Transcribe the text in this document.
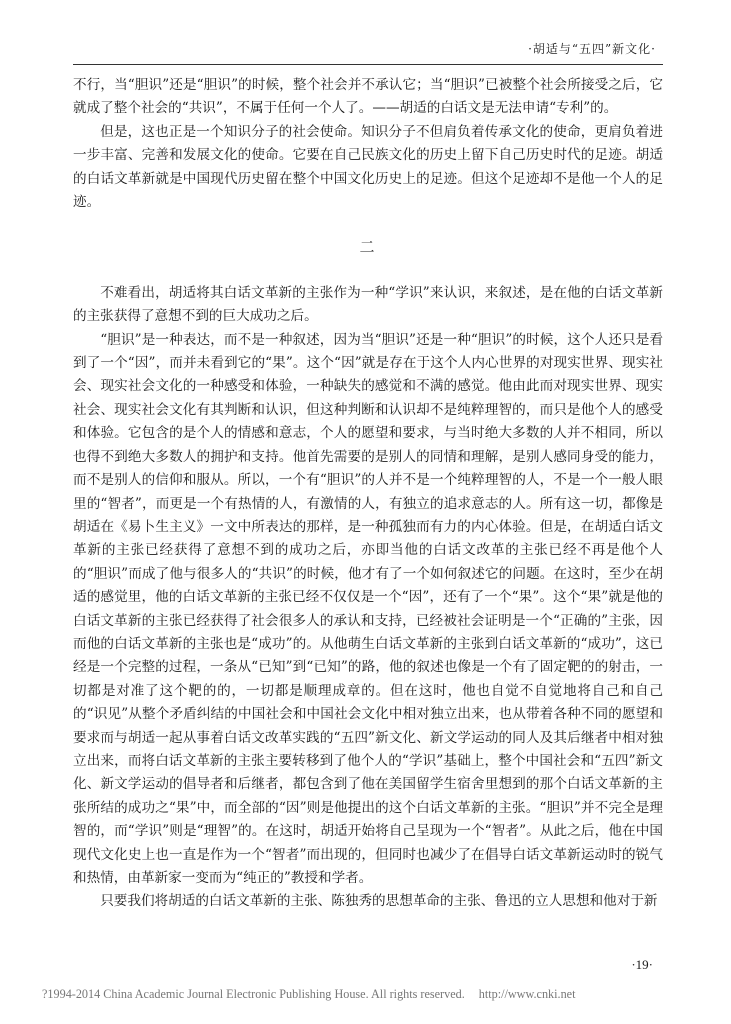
·胡适与“五四”新文化·

不行，当“胆识”还是“胆识”的时候，整个社会并不承认它；当“胆识”已被整个社会所接受之后，它就成了整个社会的“共识”，不属于任何一个人了。——胡适的白话文是无法申请“专利”的。

但是，这也正是一个知识分子的社会使命。知识分子不但肩负着传承文化的使命，更肩负着进一步丰富、完善和发展文化的使命。它要在自己民族文化的历史上留下自己历史时代的足迹。胡适的白话文革新就是中国现代历史留在整个中国文化历史上的足迹。但这个足迹却不是他一个人的足迹。

二

不难看出，胡适将其白话文革新的主张作为一种“学识”来认识，来叙述，是在他的白话文革新的主张获得了意想不到的巨大成功之后。

“胆识”是一种表达，而不是一种叙述，因为当“胆识”还是一种“胆识”的时候，这个人还只是看到了一个“因”，而并未看到它的“果”。这个“因”就是存在于这个人内心世界的对现实世界、现实社会、现实社会文化的一种感受和体验，一种缺失的感觉和不满的感觉。他由此而对现实世界、现实社会、现实社会文化有其判断和认识，但这种判断和认识却不是纯粹理智的，而只是他个人的感受和体验。它包含的是个人的情感和意志，个人的愿望和要求，与当时绝大多数的人并不相同，所以也得不到绝大多数人的拥护和支持。他首先需要的是别人的同情和理解，是别人感同身受的能力，而不是别人的信仰和服从。所以，一个有“胆识”的人并不是一个纯粹理智的人，不是一个一般人眼里的“智者”，而更是一个有热情的人，有激情的人，有独立的追求意志的人。所有这一切，都像是胡适在《易卜生主义》一文中所表达的那样，是一种孤独而有力的内心体验。但是，在胡适白话文革新的主张已经获得了意想不到的成功之后，亦即当他的白话文改革的主张已经不再是他个人的“胆识”而成了他与很多人的“共识”的时候，他才有了一个如何叙述它的问题。在这时，至少在胡适的感觉里，他的白话文革新的主张已经不仅仅是一个“因”，还有了一个“果”。这个“果”就是他的白话文革新的主张已经获得了社会很多人的承认和支持，已经被社会证明是一个“正确的”主张，因而他的白话文革新的主张也是“成功”的。从他萌生白话文革新的主张到白话文革新的“成功”，这已经是一个完整的过程，一条从“已知”到“已知”的路，他的叙述也像是一个有了固定靶的的射击，一切都是对准了这个靶的的，一切都是顺理成章的。但在这时，他也自觉不自觉地将自己和自己的“识见”从整个矛盾纠结的中国社会和中国社会文化中相对独立出来，也从带着各种不同的愿望和要求而与胡适一起从事着白话文改革实践的“五四”新文化、新文学运动的同人及其后继者中相对独立出来，而将白话文革新的主张主要转移到了他个人的“学识”基础上，整个中国社会和“五四”新文化、新文学运动的倡导者和后继者，都包含到了他在美国留学生宿舍里想到的那个白话文革新的主张所结的成功之“果”中，而全部的“因”则是他提出的这个白话文革新的主张。“胆识”并不完全是理智的，而“学识”则是“理智”的。在这时，胡适开始将自己呈现为一个“智者”。从此之后，他在中国现代文化史上也一直是作为一个“智者”而出现的，但同时也减少了在倡导白话文革新运动时的锐气和热情，由革新家一变而为“纯正的”教授和学者。

只要我们将胡适的白话文革新的主张、陈独秀的思想革命的主张、鲁迅的立人思想和他对于新

·19·
?1994-2014 China Academic Journal Electronic Publishing House. All rights reserved. http://www.cnki.net
